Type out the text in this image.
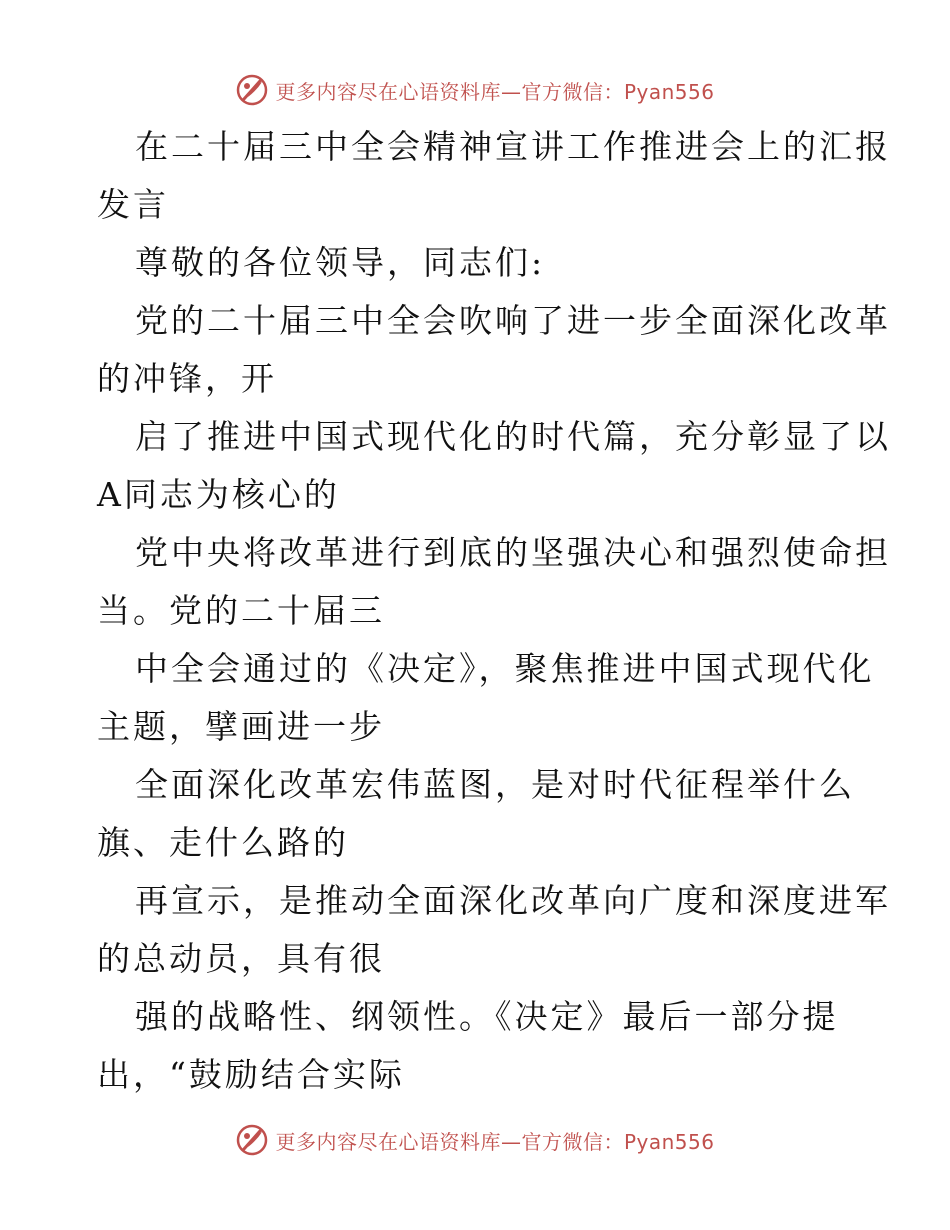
更多内容尽在心语资料库—官方微信：Pyan556
在二十届三中全会精神宣讲工作推进会上的汇报
发言
尊敬的各位领导，同志们:
党的二十届三中全会吹响了进一步全面深化改革
的冲锋，开
启了推进中国式现代化的时代篇，充分彰显了以
A同志为核心的
党中央将改革进行到底的坚强决心和强烈使命担
当。党的二十届三
中全会通过的《决定》，聚焦推进中国式现代化
主题，擘画进一步
全面深化改革宏伟蓝图，是对时代征程举什么
旗、走什么路的
再宣示，是推动全面深化改革向广度和深度进军
的总动员，具有很
强的战略性、纲领性。《决定》最后一部分提
出，“鼓励结合实际
更多内容尽在心语资料库—官方微信：Pyan556
